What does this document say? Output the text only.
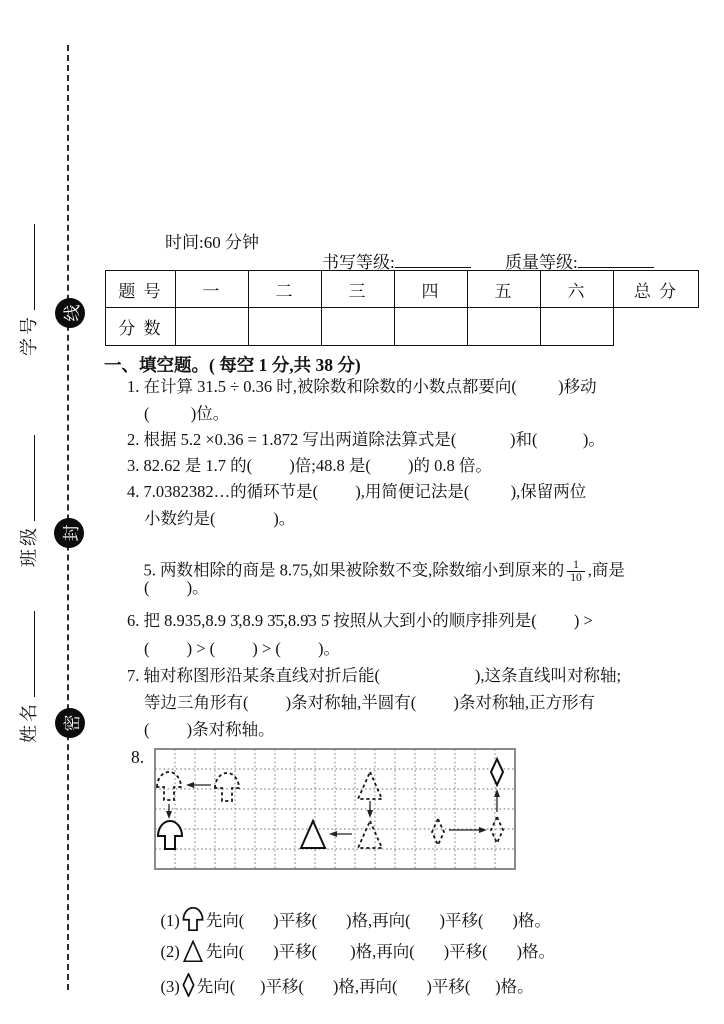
学号
班级
姓名
线
封
密
时间:60 分钟

书写等级:
	质量等级:

题 号	一	二	三	四	五	六	总 分
分 数							
一、填空题。( 每空 1 分,共 38 分)
1. 在计算 31.5 ÷ 0.36 时,被除数和除数的小数点都要向(          )移动
(          )位。
2. 根据 5.2 ×0.36 = 1.872 写出两道除法算式是(             )和(           )。
3. 82.62 是 1.7 的(         )倍;48.8 是(         )的 0.8 倍。
4. 7.0382382…的循环节是(         ),用简便记法是(          ),保留两位
小数约是(              )。

5. 两数相除的商是 8.75,如果被除数不变,除数缩小到原来的 $\frac{1}{10}$ ,商是

(         )。
6. 把 8.935,8.9 3̇,8.9 3̇5̇,8.9̇3 5̇ 按照从大到小的顺序排列是(         ) >
(         ) > (         ) > (         )。
7. 轴对称图形沿某条直线对折后能(                       ),这条直线叫对称轴;
等边三角形有(         )条对称轴,半圆有(         )条对称轴,正方形有
(         )条对称轴。
8.

(1) 先向(       )平移(       )格,再向(       )平移(       )格。

(2) 先向(       )平移(        )格,再向(       )平移(       )格。

(3) 先向(      )平移(       )格,再向(       )平移(      )格。
